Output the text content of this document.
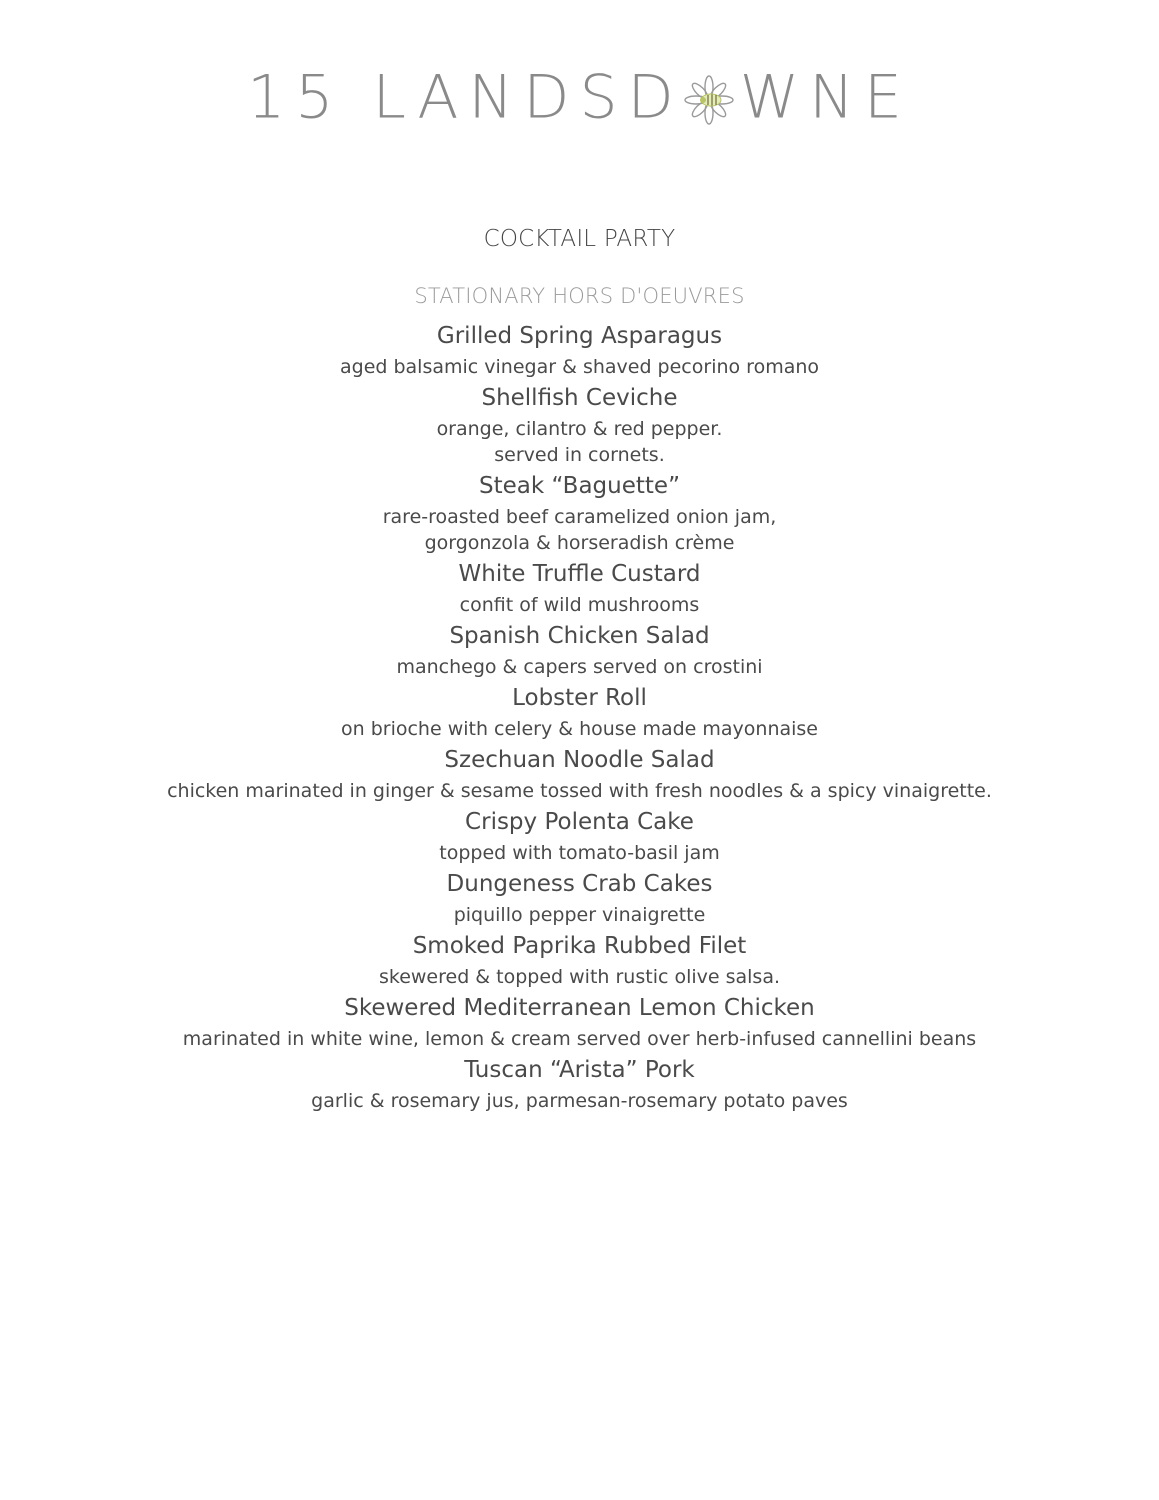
15 LANDSD WNE
COCKTAIL PARTY
STATIONARY HORS D'OEUVRES
Grilled Spring Asparagus
aged balsamic vinegar & shaved pecorino romano
Shellfish Ceviche
orange, cilantro & red pepper.
served in cornets.
Steak “Baguette”
rare-roasted beef caramelized onion jam,
gorgonzola & horseradish crème
White Truffle Custard
confit of wild mushrooms
Spanish Chicken Salad
manchego & capers served on crostini
Lobster Roll
on brioche with celery & house made mayonnaise
Szechuan Noodle Salad
chicken marinated in ginger & sesame tossed with fresh noodles & a spicy vinaigrette.
Crispy Polenta Cake
topped with tomato-basil jam
Dungeness Crab Cakes
piquillo pepper vinaigrette
Smoked Paprika Rubbed Filet
skewered & topped with rustic olive salsa.
Skewered Mediterranean Lemon Chicken
marinated in white wine, lemon & cream served over herb-infused cannellini beans
Tuscan “Arista” Pork
garlic & rosemary jus, parmesan-rosemary potato paves
